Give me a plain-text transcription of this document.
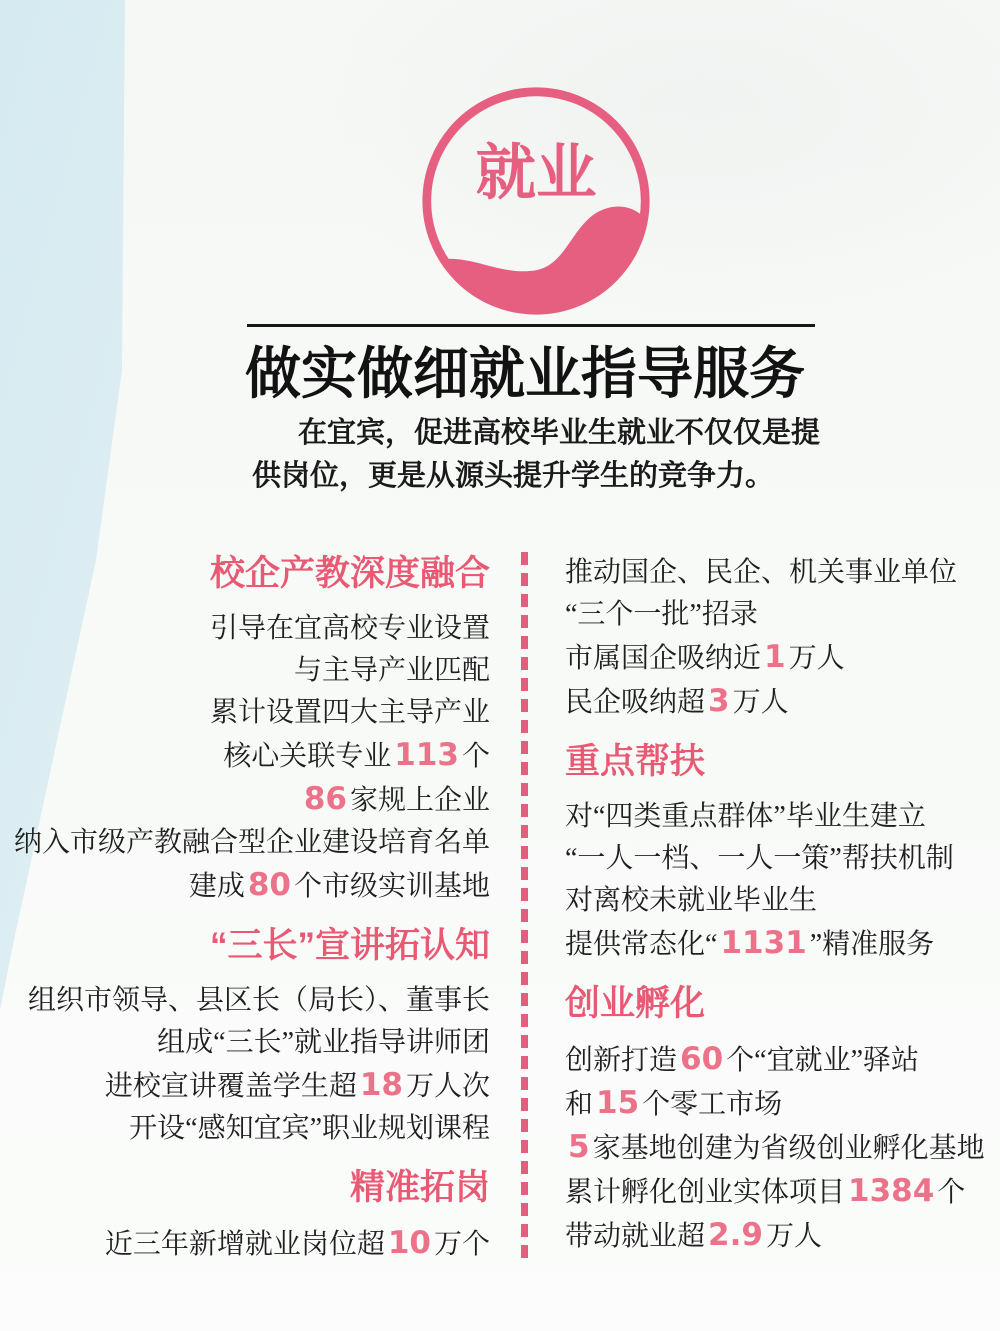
就业
做实做细就业指导服务
在宜宾，促进高校毕业生就业不仅仅是提
供岗位，更是从源头提升学生的竞争力。
校企产教深度融合
引导在宜高校专业设置
与主导产业匹配
累计设置四大主导产业
核心关联专业113 个
86 家规上企业
纳入市级产教融合型企业建设培育名单
建成80 个市级实训基地
“三长”宣讲拓认知
组织市领导、县区长（局长）、董事长
组成“三长”就业指导讲师团
进校宣讲覆盖学生超18 万人次
开设“感知宜宾”职业规划课程
精准拓岗
近三年新增就业岗位超10 万个
推动国企、民企、机关事业单位
“三个一批”招录
市属国企吸纳近1 万人
民企吸纳超3 万人
重点帮扶
对“四类重点群体”毕业生建立
“一人一档、一人一策”帮扶机制
对离校未就业毕业生
提供常态化“1131 ”精准服务
创业孵化
创新打造60 个“宜就业”驿站
和15 个零工市场
5 家基地创建为省级创业孵化基地
累计孵化创业实体项目1384 个
带动就业超2.9 万人
